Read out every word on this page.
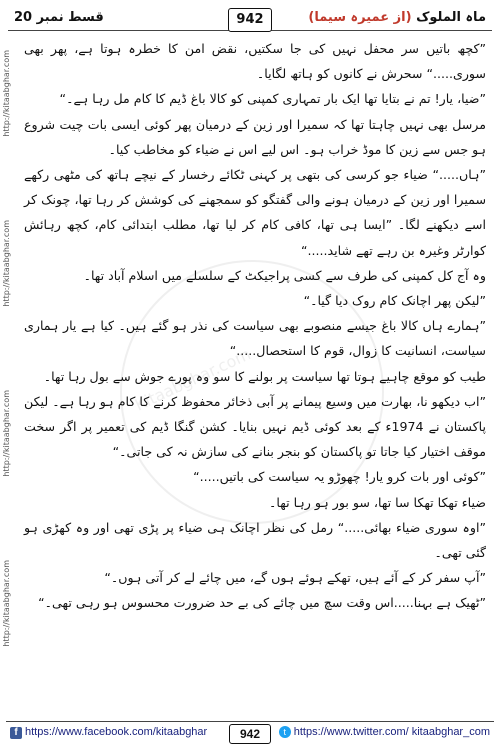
قسط نمبر 20	942	ماہ الملوک (از عمیرہ سیما)
http://kitaabghar.com
http://kitaabghar.com
http://kitaabghar.com
http://kitaabghar.com
Kitaabghar.com

”کچھ باتیں سر محفل نہیں کی جا سکتیں، نقض امن کا خطرہ ہوتا ہے، پھر بھی سوری.....“ سحرش نے کانوں کو ہاتھ لگایا۔

”ضیا، یار! تم نے بتایا تھا ایک بار تمہاری کمپنی کو کالا باغ ڈیم کا کام مل رہا ہے۔“

مرسل بھی نہیں چاہتا تھا کہ سمیرا اور زین کے درمیان پھر کوئی ایسی بات چیت شروع ہو جس سے زین کا موڈ خراب ہو۔ اس لیے اس نے ضیاء کو مخاطب کیا۔

”ہاں.....“ ضیاء جو کرسی کی بتھی پر کہنی ٹکائے رخسار کے نیچے ہاتھ کی مٹھی رکھے سمیرا اور زین کے درمیان ہونے والی گفتگو کو سمجھنے کی کوشش کر رہا تھا، چونک کر اسے دیکھنے لگا۔ ”ایسا ہی تھا، کافی کام کر لیا تھا، مطلب ابتدائی کام، کچھ رہائش کوارٹر وغیرہ بن رہے تھے شاید.....“

وہ آج کل کمپنی کی طرف سے کسی پراجیکٹ کے سلسلے میں اسلام آباد تھا۔

”لیکن پھر اچانک کام روک دیا گیا۔“

”ہمارے ہاں کالا باغ جیسے منصوبے بھی سیاست کی نذر ہو گئے ہیں۔ کیا ہے یار ہماری سیاست، انسانیت کا زوال، قوم کا استحصال.....“

طیب کو موقع چاہیے ہوتا تھا سیاست پر بولنے کا سو وہ پورے جوش سے بول رہا تھا۔

”اب دیکھو نا، بھارت میں وسیع پیمانے پر آبی ذخائر محفوظ کرنے کا کام ہو رہا ہے۔ لیکن پاکستان نے 1974ء کے بعد کوئی ڈیم نہیں بنایا۔ کشن گنگا ڈیم کی تعمیر پر اگر سخت موقف اختیار کیا جاتا تو پاکستان کو بنجر بنانے کی سازش نہ کی جاتی۔“

”کوئی اور بات کرو یار! چھوڑو یہ سیاست کی باتیں.....“

ضیاء تھکا تھکا سا تھا، سو بور ہو رہا تھا۔

”اوہ سوری ضیاء بھائی.....“ رمل کی نظر اچانک ہی ضیاء پر پڑی تھی اور وہ کھڑی ہو گئی تھی۔

”آپ سفر کر کے آئے ہیں، تھکے ہوئے ہوں گے، میں چائے لے کر آتی ہوں۔“

”ٹھیک ہے بہنا.....اس وقت سچ میں چائے کی بے حد ضرورت محسوس ہو رہی تھی۔“

f https://www.facebook.com/kitaabghar	942	t https://www.twitter.com/ kitaabghar_com
